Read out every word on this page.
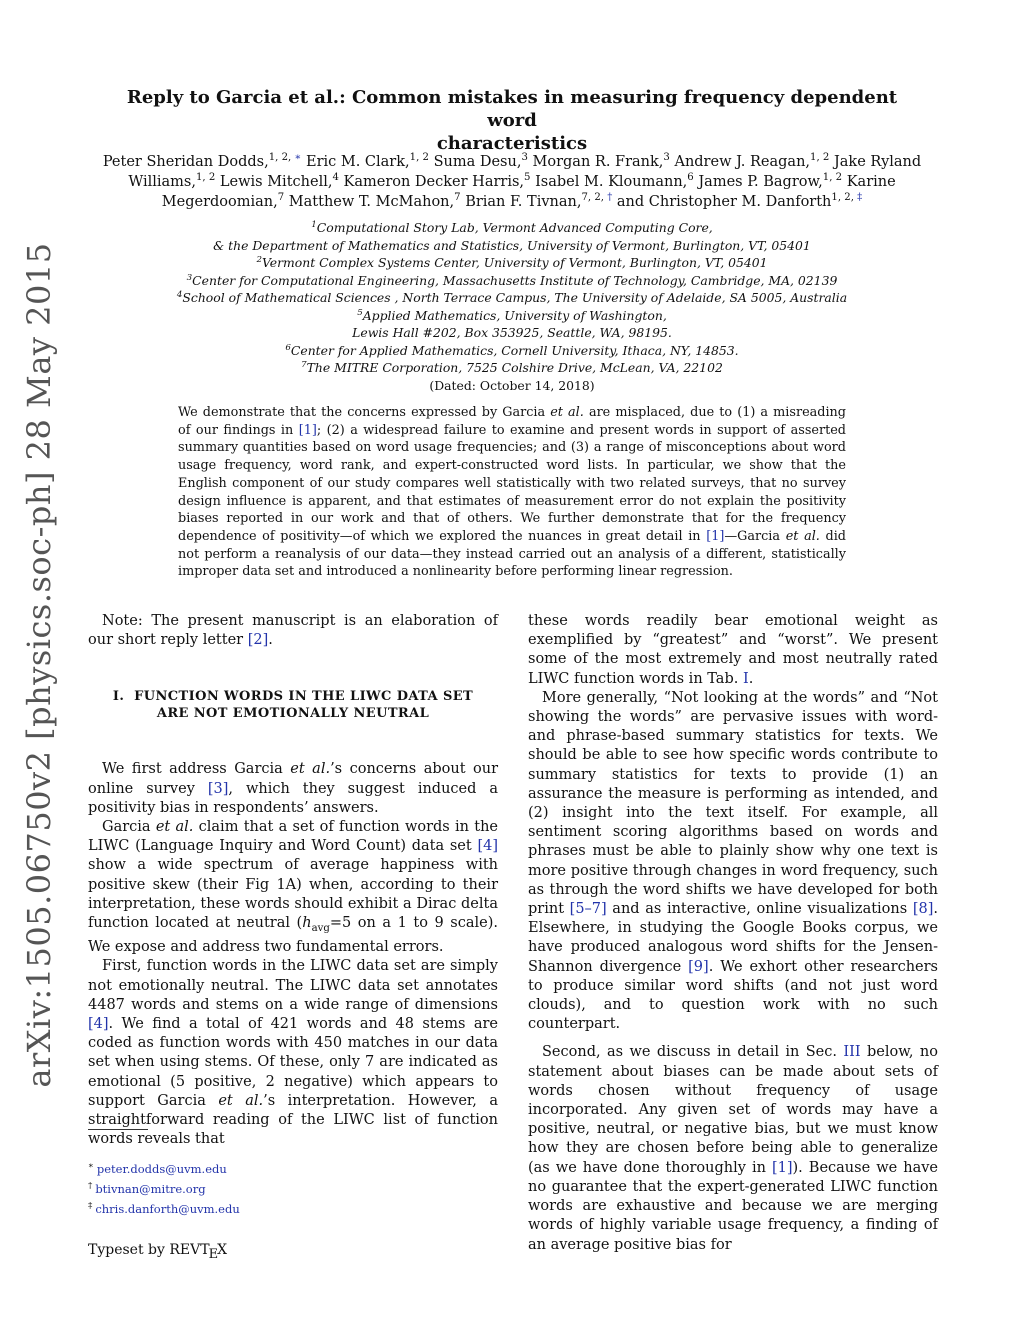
arXiv:1505.06750v2 [physics.soc-ph] 28 May 2015
Reply to Garcia et al.: Common mistakes in measuring frequency dependent word
characteristics
Peter Sheridan Dodds,$^{1, 2,}$ ∗ Eric M. Clark,$^{1, 2}$ Suma Desu,$^3$ Morgan R. Frank,$^3$ Andrew J. Reagan,$^{1, 2}$ Jake Ryland Williams,$^{1, 2}$ Lewis Mitchell,$^4$ Kameron Decker Harris,$^5$ Isabel M. Kloumann,$^6$ James P. Bagrow,$^{1, 2}$ Karine Megerdoomian,$^7$ Matthew T. McMahon,$^7$ Brian F. Tivnan,$^{7, 2,}$ † and Christopher M. Danforth$^{1, 2,}$ ‡
$^1$Computational Story Lab, Vermont Advanced Computing Core,
& the Department of Mathematics and Statistics, University of Vermont, Burlington, VT, 05401
$^2$Vermont Complex Systems Center, University of Vermont, Burlington, VT, 05401
$^3$Center for Computational Engineering, Massachusetts Institute of Technology, Cambridge, MA, 02139
$^4$School of Mathematical Sciences , North Terrace Campus, The University of Adelaide, SA 5005, Australia
$^5$Applied Mathematics, University of Washington,
Lewis Hall #202, Box 353925, Seattle, WA, 98195.
$^6$Center for Applied Mathematics, Cornell University, Ithaca, NY, 14853.
$^7$The MITRE Corporation, 7525 Colshire Drive, McLean, VA, 22102
(Dated: October 14, 2018)
We demonstrate that the concerns expressed by Garcia et al. are misplaced, due to (1) a misreading of our findings in [1]; (2) a widespread failure to examine and present words in support of asserted summary quantities based on word usage frequencies; and (3) a range of misconceptions about word usage frequency, word rank, and expert-constructed word lists. In particular, we show that the English component of our study compares well statistically with two related surveys, that no survey design influence is apparent, and that estimates of measurement error do not explain the positivity biases reported in our work and that of others. We further demonstrate that for the frequency dependence of positivity—of which we explored the nuances in great detail in [1]—Garcia et al. did not perform a reanalysis of our data—they instead carried out an analysis of a different, statistically improper data set and introduced a nonlinearity before performing linear regression.

Note: The present manuscript is an elaboration of our short reply letter [2].

I. FUNCTION WORDS IN THE LIWC DATA SET ARE NOT EMOTIONALLY NEUTRAL

We first address Garcia et al.’s concerns about our online survey [3], which they suggest induced a positivity bias in respondents’ answers.

Garcia et al. claim that a set of function words in the LIWC (Language Inquiry and Word Count) data set [4] show a wide spectrum of average happiness with positive skew (their Fig 1A) when, according to their interpretation, these words should exhibit a Dirac delta function located at neutral ($h_{avg}=5$ on a 1 to 9 scale). We expose and address two fundamental errors.

First, function words in the LIWC data set are simply not emotionally neutral. The LIWC data set annotates 4487 words and stems on a wide range of dimensions [4]. We find a total of 421 words and 48 stems are coded as function words with 450 matches in our data set when using stems. Of these, only 7 are indicated as emotional (5 positive, 2 negative) which appears to support Garcia et al.’s interpretation. However, a straightforward reading of the LIWC list of function words reveals that

these words readily bear emotional weight as exemplified by “greatest” and “worst”. We present some of the most extremely and most neutrally rated LIWC function words in Tab. I.

More generally, “Not looking at the words” and “Not showing the words” are pervasive issues with word- and phrase-based summary statistics for texts. We should be able to see how specific words contribute to summary statistics for texts to provide (1) an assurance the measure is performing as intended, and (2) insight into the text itself. For example, all sentiment scoring algorithms based on words and phrases must be able to plainly show why one text is more positive through changes in word frequency, such as through the word shifts we have developed for both print [5–7] and as interactive, online visualizations [8]. Elsewhere, in studying the Google Books corpus, we have produced analogous word shifts for the Jensen-Shannon divergence [9]. We exhort other researchers to produce similar word shifts (and not just word clouds), and to question work with no such counterpart.

Second, as we discuss in detail in Sec. III below, no statement about biases can be made about sets of words chosen without frequency of usage incorporated. Any given set of words may have a positive, neutral, or negative bias, but we must know how they are chosen before being able to generalize (as we have done thoroughly in [1]). Because we have no guarantee that the expert-generated LIWC function words are exhaustive and because we are merging words of highly variable usage frequency, a finding of an average positive bias for

∗ peter.dodds@uvm.edu
† btivnan@mitre.org
‡ chris.danforth@uvm.edu
Typeset by REVTEX
